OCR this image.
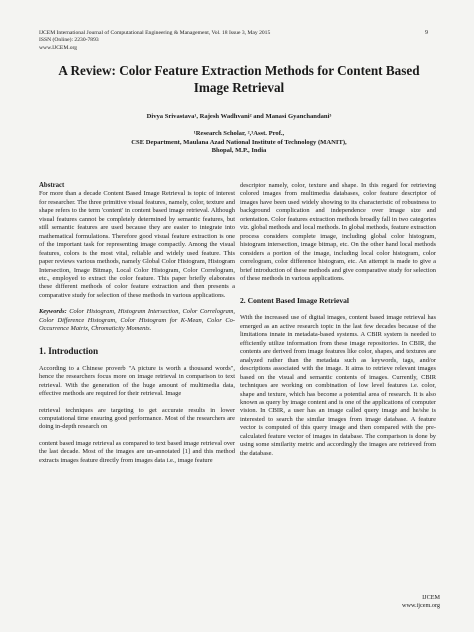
IJCEM International Journal of Computational Engineering & Management, Vol. 18 Issue 3, May 2015
ISSN (Online): 2230-7893
www.IJCEM.org
9
A Review: Color Feature Extraction Methods for Content Based
Image Retrieval
Divya Srivastava¹, Rajesh Wadhvani² and Manasi Gyanchandani³
¹Research Scholar, ²,³Asst. Prof.,
CSE Department, Maulana Azad National Institute of Technology (MANIT),
Bhopal, M.P., India

Abstract

For more than a decade Content Based Image Retrieval is topic of interest for researcher. The three primitive visual features, namely, color, texture and shape refers to the term 'content' in content based image retrieval. Although visual features cannot be completely determined by semantic features, but still semantic features are used because they are easier to integrate into mathematical formulations. Therefore good visual feature extraction is one of the important task for representing image compactly. Among the visual features, colors is the most vital, reliable and widely used feature. This paper reviews various methods, namely Global Color Histogram, Histogram Intersection, Image Bitmap, Local Color Histogram, Color Correlogram, etc., employed to extract the color feature. This paper briefly elaborates these different methods of color feature extraction and then presents a comparative study for selection of these methods in various applications.

Keywords: Color Histogram, Histogram Intersection, Color Correlogram, Color Difference Histogram, Color Histogram for K-Mean, Color Co-Occurrence Matrix, Chromaticity Moments.

1. Introduction

According to a Chinese proverb "A picture is worth a thousand words", hence the researchers focus more on image retrieval in comparison to text retrieval. With the generation of the huge amount of multimedia data, effective methods are required for their retrieval. Image

retrieval techniques are targeting to get accurate results in lower computational time ensuring good performance. Most of the researchers are doing in-depth research on

content based image retrieval as compared to text based image retrieval over the last decade. Most of the images are un-annotated [1] and this method extracts images feature directly from images data i.e., image feature

descriptor namely, color, texture and shape. In this regard for retrieving colored images from multimedia databases, color feature descriptor of images have been used widely showing to its characteristic of robustness to background complication and independence over image size and orientation. Color features extraction methods broadly fall in two categories viz. global methods and local methods. In global methods, feature extraction process considers complete image, including global color histogram, histogram intersection, image bitmap, etc. On the other hand local methods considers a portion of the image, including local color histogram, color correlogram, color difference histogram, etc. An attempt is made to give a brief introduction of these methods and give comparative study for selection of these methods in various applications.

2. Content Based Image Retrieval

With the increased use of digital images, content based image retrieval has emerged as an active research topic in the last few decades because of the limitations innate in metadata-based systems. A CBIR system is needed to efficiently utilize information from these image repositories. In CBIR, the contents are derived from image features like color, shapes, and textures are analyzed rather than the metadata such as keywords, tags, and/or descriptions associated with the image. It aims to retrieve relevant images based on the visual and semantic contents of images. Currently, CBIR techniques are working on combination of low level features i.e. color, shape and texture, which has become a potential area of research. It is also known as query by image content and is one of the applications of computer vision. In CBIR, a user has an image called query image and he/she is interested to search the similar images from image database. A feature vector is computed of this query image and then compared with the pre-calculated feature vector of images in database. The comparison is done by using some similarity metric and accordingly the images are retrieved from the database.

IJCEM
www.ijcem.org
